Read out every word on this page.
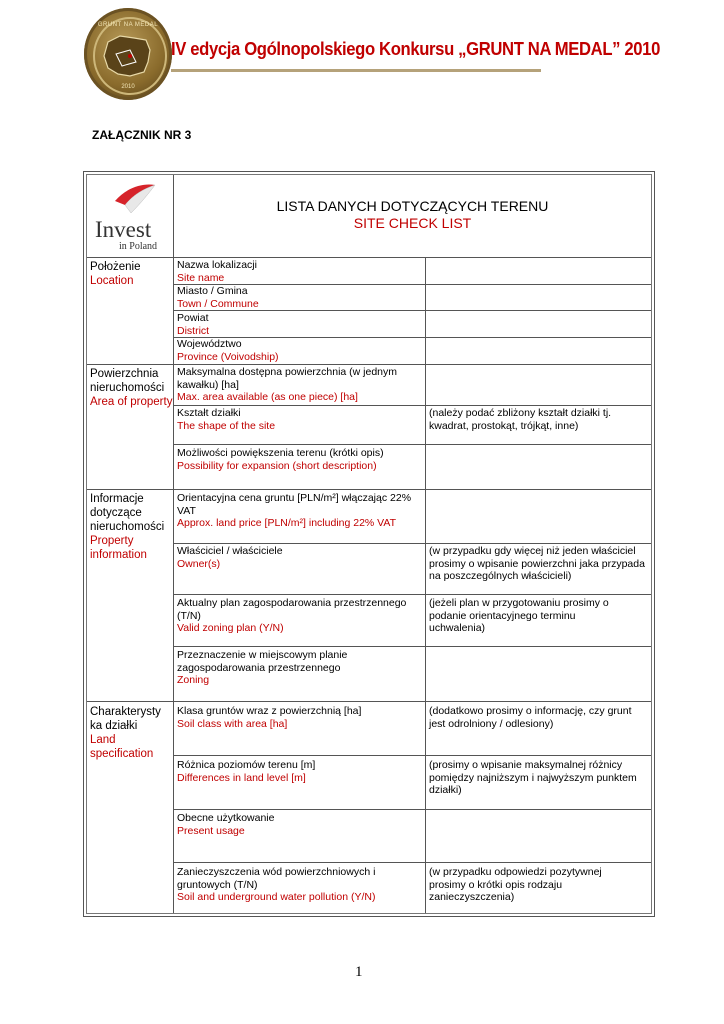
GRUNT NA MEDAL
2010
IV edycja Ogólnopolskiego Konkursu „GRUNT NA MEDAL” 2010
ZAŁĄCZNIK NR 3
Invest
in Poland
LISTA DANYCH DOTYCZĄCYCH TERENU
SITE CHECK LIST
Położenie
Location
Powierzchnia nieruchomości
Area of property
Informacje dotyczące nieruchomości
Property information
Charakterysty ka działki
Land specification
Nazwa lokalizacji
Site name
Miasto / Gmina
Town / Commune
Powiat
District
Województwo
Province (Voivodship)
Maksymalna dostępna powierzchnia (w jednym kawałku) [ha]
Max. area available (as one piece) [ha]
Kształt działki
The shape of the site
(należy podać zbliżony kształt działki tj. kwadrat, prostokąt, trójkąt, inne)
Możliwości powiększenia terenu (krótki opis)
Possibility for expansion (short description)
Orientacyjna cena gruntu [PLN/m²] włączając 22% VAT
Approx. land price [PLN/m²] including 22% VAT
Właściciel / właściciele
Owner(s)
(w przypadku gdy więcej niż jeden właściciel prosimy o wpisanie powierzchni jaka przypada na poszczególnych właścicieli)
Aktualny plan zagospodarowania przestrzennego (T/N)
Valid zoning plan (Y/N)
(jeżeli plan w przygotowaniu prosimy o podanie orientacyjnego terminu uchwalenia)
Przeznaczenie w miejscowym planie zagospodarowania przestrzennego
Zoning
Klasa gruntów wraz z powierzchnią [ha]
Soil class with area [ha]
(dodatkowo prosimy o informację, czy grunt jest odrolniony / odlesiony)
Różnica poziomów terenu [m]
Differences in land level [m]
(prosimy o wpisanie maksymalnej różnicy pomiędzy najniższym i najwyższym punktem działki)
Obecne użytkowanie
Present usage
Zanieczyszczenia wód powierzchniowych i gruntowych (T/N)
Soil and underground water pollution (Y/N)
(w przypadku odpowiedzi pozytywnej prosimy o krótki opis rodzaju zanieczyszczenia)
1
